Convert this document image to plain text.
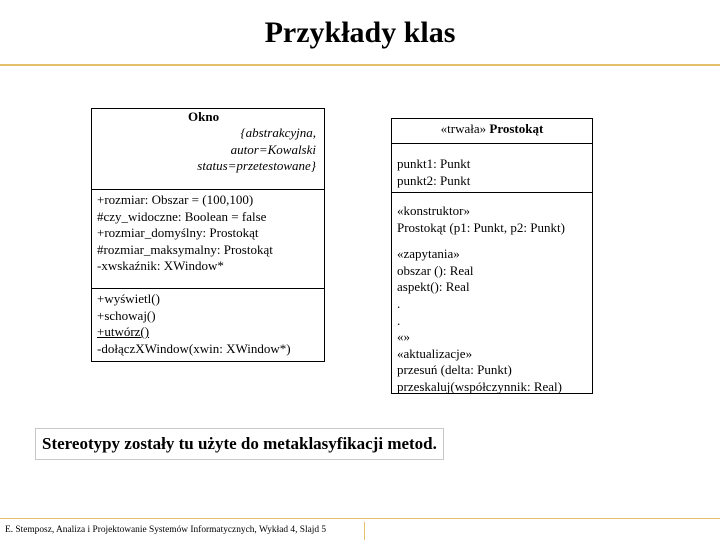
Przykłady klas
Okno
{abstrakcyjna,
autor=Kowalski
status=przetestowane}
+rozmiar: Obszar = (100,100)
#czy_widoczne: Boolean = false
+rozmiar_domyślny: Prostokąt
#rozmiar_maksymalny: Prostokąt
-xwskaźnik: XWindow*
+wyświetl()
+schowaj()
+utwórz()
-dołączXWindow(xwin: XWindow*)
«trwała» Prostokąt
punkt1: Punkt
punkt2: Punkt
«konstruktor»
Prostokąt (p1: Punkt, p2: Punkt)
«zapytania»
obszar (): Real
aspekt(): Real
.
.
«»
«aktualizacje»
przesuń (delta: Punkt)
przeskaluj(współczynnik: Real)
Stereotypy zostały tu użyte do metaklasyfikacji metod.
E. Stemposz, Analiza i Projektowanie Systemów Informatycznych, Wykład 4, Slajd 5
